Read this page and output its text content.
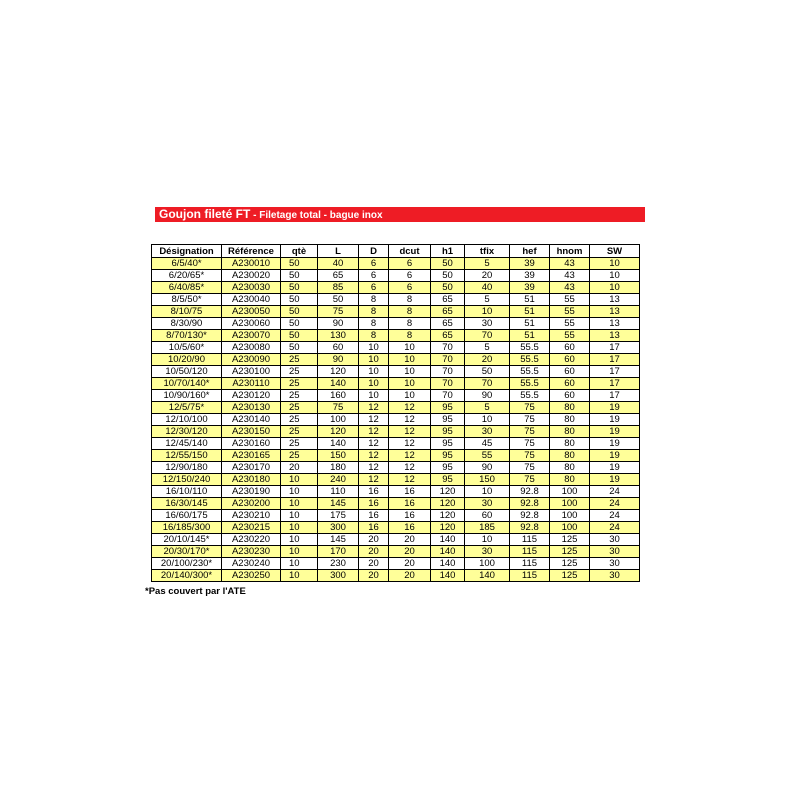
Goujon fileté FT - Filetage total - bague inox
Désignation	Référence	qtè	L	D	dcut	h1	tfix	hef	hnom	SW
6/5/40*	A230010	50	40	6	6	50	5	39	43	10
6/20/65*	A230020	50	65	6	6	50	20	39	43	10
6/40/85*	A230030	50	85	6	6	50	40	39	43	10
8/5/50*	A230040	50	50	8	8	65	5	51	55	13
8/10/75	A230050	50	75	8	8	65	10	51	55	13
8/30/90	A230060	50	90	8	8	65	30	51	55	13
8/70/130*	A230070	50	130	8	8	65	70	51	55	13
10/5/60*	A230080	50	60	10	10	70	5	55.5	60	17
10/20/90	A230090	25	90	10	10	70	20	55.5	60	17
10/50/120	A230100	25	120	10	10	70	50	55.5	60	17
10/70/140*	A230110	25	140	10	10	70	70	55.5	60	17
10/90/160*	A230120	25	160	10	10	70	90	55.5	60	17
12/5/75*	A230130	25	75	12	12	95	5	75	80	19
12/10/100	A230140	25	100	12	12	95	10	75	80	19
12/30/120	A230150	25	120	12	12	95	30	75	80	19
12/45/140	A230160	25	140	12	12	95	45	75	80	19
12/55/150	A230165	25	150	12	12	95	55	75	80	19
12/90/180	A230170	20	180	12	12	95	90	75	80	19
12/150/240	A230180	10	240	12	12	95	150	75	80	19
16/10/110	A230190	10	110	16	16	120	10	92.8	100	24
16/30/145	A230200	10	145	16	16	120	30	92.8	100	24
16/60/175	A230210	10	175	16	16	120	60	92.8	100	24
16/185/300	A230215	10	300	16	16	120	185	92.8	100	24
20/10/145*	A230220	10	145	20	20	140	10	115	125	30
20/30/170*	A230230	10	170	20	20	140	30	115	125	30
20/100/230*	A230240	10	230	20	20	140	100	115	125	30
20/140/300*	A230250	10	300	20	20	140	140	115	125	30
*Pas couvert par l'ATE
